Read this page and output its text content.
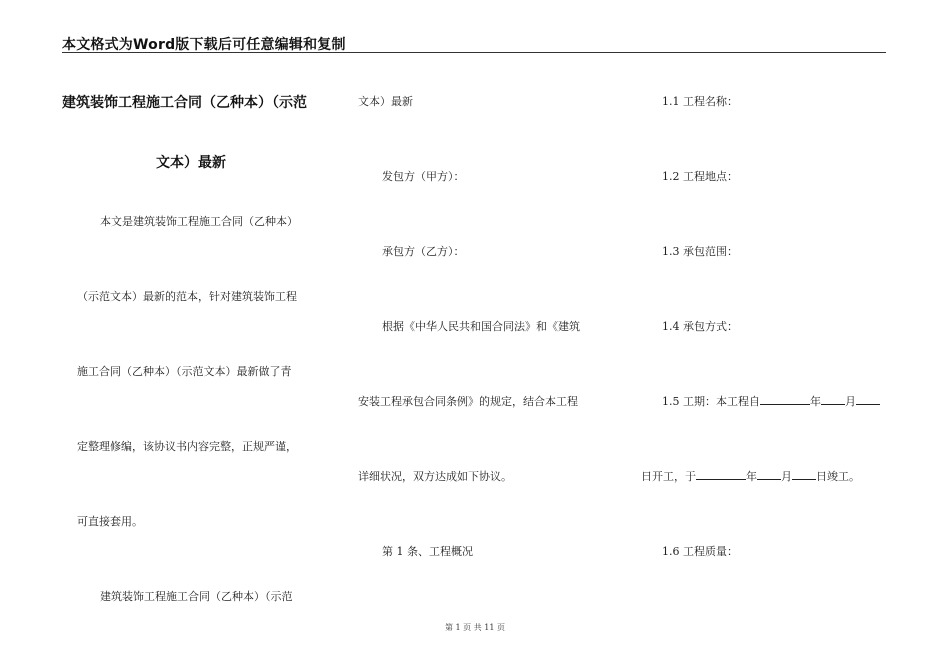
本文格式为Word版下载后可任意编辑和复制
建筑装饰工程施工合同（乙种本）（示范
文本）最新
本文是建筑装饰工程施工合同（乙种本）
（示范文本）最新的范本，针对建筑装饰工程
施工合同（乙种本）（示范文本）最新做了青
定整理修编，该协议书内容完整，正规严谨，
可直接套用。
建筑装饰工程施工合同（乙种本）（示范
文本）最新
发包方（甲方）：
承包方（乙方）：
根据《中华人民共和国合同法》和《建筑
安装工程承包合同条例》的规定，结合本工程
详细状况，双方达成如下协议。
第 1 条、工程概况
1.1 工程名称：
1.2 工程地点：
1.3 承包范围：
1.4 承包方式：
1.5 工期：本工程自	年 月
日开工，于	年 月 日竣工。
1.6 工程质量：
第 1 页 共 11 页
